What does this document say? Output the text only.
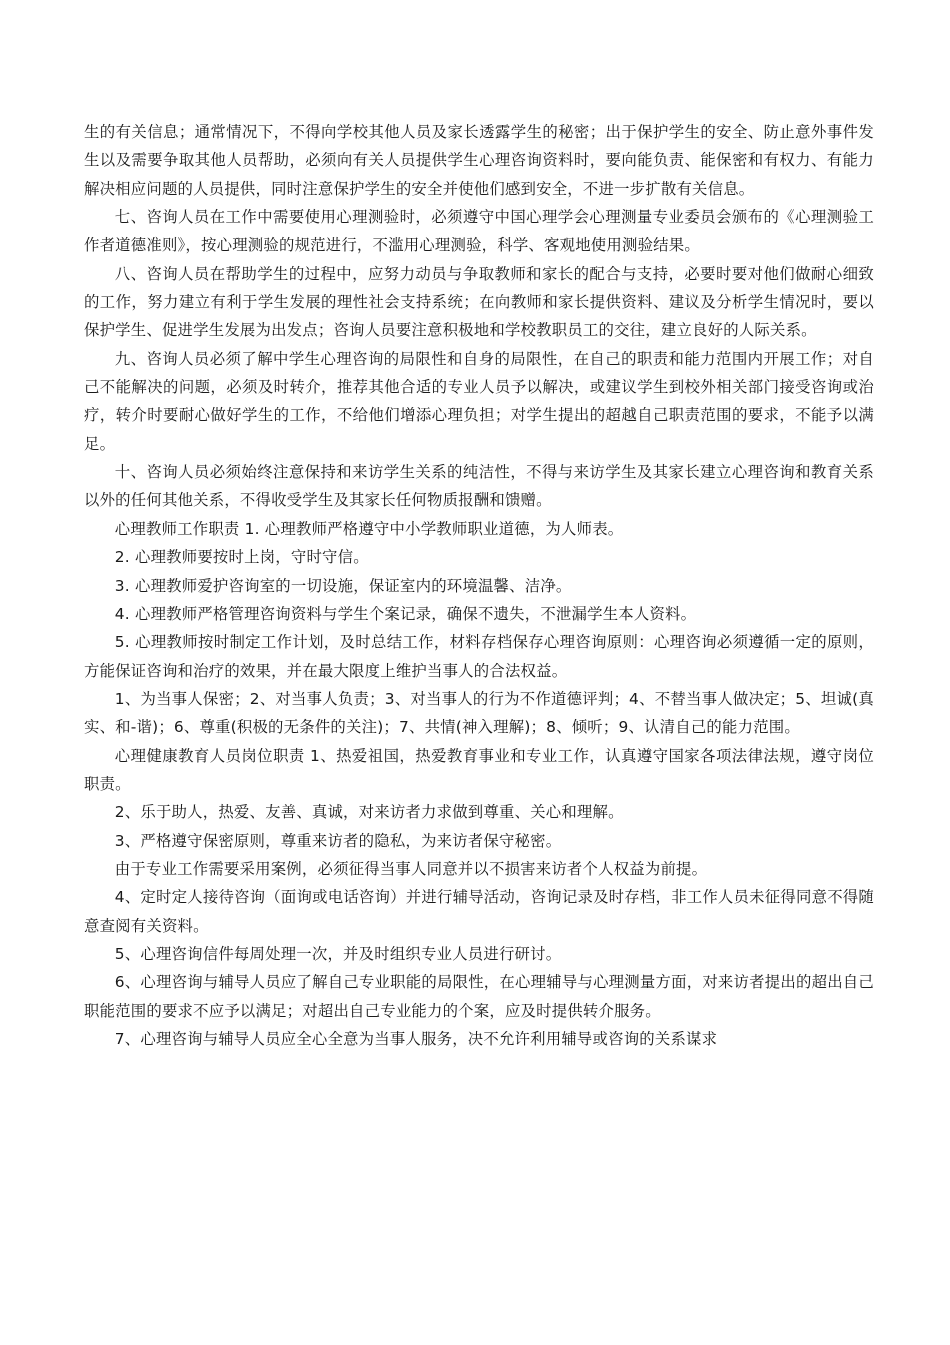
生的有关信息；通常情况下，不得向学校其他人员及家长透露学生的秘密；出于保护学生的安全、防止意外事件发生以及需要争取其他人员帮助，必须向有关人员提供学生心理咨询资料时，要向能负责、能保密和有权力、有能力解决相应问题的人员提供，同时注意保护学生的安全并使他们感到安全，不进一步扩散有关信息。

七、咨询人员在工作中需要使用心理测验时，必须遵守中国心理学会心理测量专业委员会颁布的《心理测验工作者道德准则》，按心理测验的规范进行，不滥用心理测验，科学、客观地使用测验结果。

八、咨询人员在帮助学生的过程中，应努力动员与争取教师和家长的配合与支持，必要时要对他们做耐心细致的工作，努力建立有利于学生发展的理性社会支持系统；在向教师和家长提供资料、建议及分析学生情况时，要以保护学生、促进学生发展为出发点；咨询人员要注意积极地和学校教职员工的交往，建立良好的人际关系。

九、咨询人员必须了解中学生心理咨询的局限性和自身的局限性，在自己的职责和能力范围内开展工作；对自己不能解决的问题，必须及时转介，推荐其他合适的专业人员予以解决，或建议学生到校外相关部门接受咨询或治疗，转介时要耐心做好学生的工作，不给他们增添心理负担；对学生提出的超越自己职责范围的要求，不能予以满足。

十、咨询人员必须始终注意保持和来访学生关系的纯洁性，不得与来访学生及其家长建立心理咨询和教育关系以外的任何其他关系，不得收受学生及其家长任何物质报酬和馈赠。

心理教师工作职责 1. 心理教师严格遵守中小学教师职业道德，为人师表。

2. 心理教师要按时上岗，守时守信。

3. 心理教师爱护咨询室的一切设施，保证室内的环境温馨、洁净。

4. 心理教师严格管理咨询资料与学生个案记录，确保不遗失，不泄漏学生本人资料。

5. 心理教师按时制定工作计划，及时总结工作，材料存档保存心理咨询原则：心理咨询必须遵循一定的原则，方能保证咨询和治疗的效果，并在最大限度上维护当事人的合法权益。

1、为当事人保密；2、对当事人负责；3、对当事人的行为不作道德评判；4、不替当事人做决定；5、坦诚(真实、和-谐)；6、尊重(积极的无条件的关注)；7、共情(神入理解)；8、倾听；9、认清自己的能力范围。

心理健康教育人员岗位职责 1、热爱祖国，热爱教育事业和专业工作，认真遵守国家各项法律法规，遵守岗位职责。

2、乐于助人，热爱、友善、真诚，对来访者力求做到尊重、关心和理解。

3、严格遵守保密原则，尊重来访者的隐私，为来访者保守秘密。

由于专业工作需要采用案例，必须征得当事人同意并以不损害来访者个人权益为前提。

4、定时定人接待咨询（面询或电话咨询）并进行辅导活动，咨询记录及时存档，非工作人员未征得同意不得随意查阅有关资料。

5、心理咨询信件每周处理一次，并及时组织专业人员进行研讨。

6、心理咨询与辅导人员应了解自己专业职能的局限性，在心理辅导与心理测量方面，对来访者提出的超出自己职能范围的要求不应予以满足；对超出自己专业能力的个案，应及时提供转介服务。

7、心理咨询与辅导人员应全心全意为当事人服务，决不允许利用辅导或咨询的关系谋求
